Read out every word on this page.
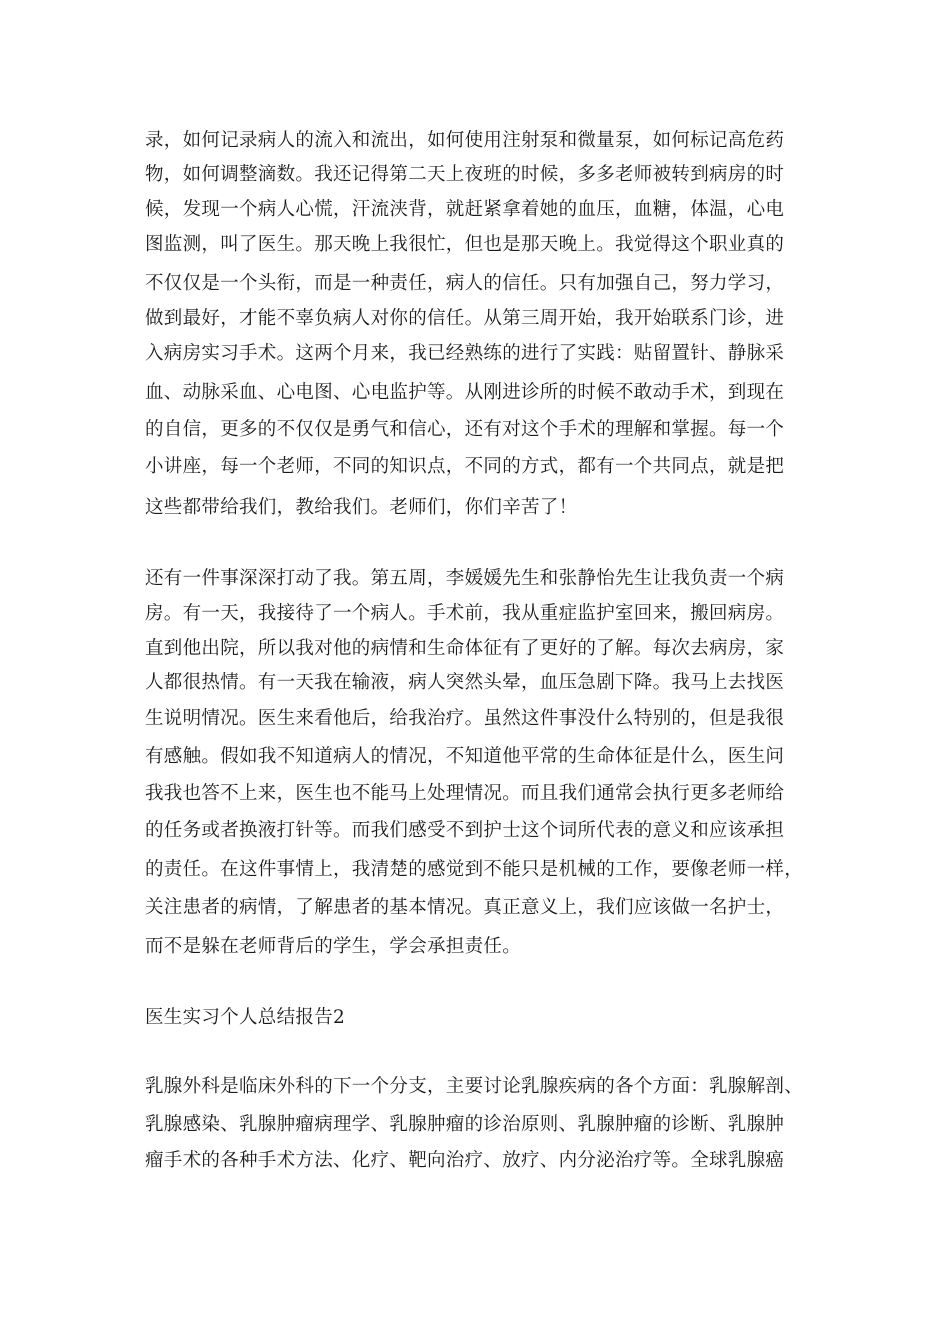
录，如何记录病人的流入和流出，如何使用注射泵和微量泵，如何标记高危药

物，如何调整滴数。我还记得第二天上夜班的时候，多多老师被转到病房的时

候，发现一个病人心慌，汗流浃背，就赶紧拿着她的血压，血糖，体温，心电

图监测，叫了医生。那天晚上我很忙，但也是那天晚上。我觉得这个职业真的

不仅仅是一个头衔，而是一种责任，病人的信任。只有加强自己，努力学习，

做到最好，才能不辜负病人对你的信任。从第三周开始，我开始联系门诊，进

入病房实习手术。这两个月来，我已经熟练的进行了实践：贴留置针、静脉采

血、动脉采血、心电图、心电监护等。从刚进诊所的时候不敢动手术，到现在

的自信，更多的不仅仅是勇气和信心，还有对这个手术的理解和掌握。每一个

小讲座，每一个老师，不同的知识点，不同的方式，都有一个共同点，就是把

这些都带给我们，教给我们。老师们，你们辛苦了！

还有一件事深深打动了我。第五周，李媛媛先生和张静怡先生让我负责一个病

房。有一天，我接待了一个病人。手术前，我从重症监护室回来，搬回病房。

直到他出院，所以我对他的病情和生命体征有了更好的了解。每次去病房，家

人都很热情。有一天我在输液，病人突然头晕，血压急剧下降。我马上去找医

生说明情况。医生来看他后，给我治疗。虽然这件事没什么特别的，但是我很

有感触。假如我不知道病人的情况，不知道他平常的生命体征是什么，医生问

我我也答不上来，医生也不能马上处理情况。而且我们通常会执行更多老师给

的任务或者换液打针等。而我们感受不到护士这个词所代表的意义和应该承担

的责任。在这件事情上，我清楚的感觉到不能只是机械的工作，要像老师一样，

关注患者的病情，了解患者的基本情况。真正意义上，我们应该做一名护士，

而不是躲在老师背后的学生，学会承担责任。

医生实习个人总结报告2

乳腺外科是临床外科的下一个分支，主要讨论乳腺疾病的各个方面：乳腺解剖、

乳腺感染、乳腺肿瘤病理学、乳腺肿瘤的诊治原则、乳腺肿瘤的诊断、乳腺肿

瘤手术的各种手术方法、化疗、靶向治疗、放疗、内分泌治疗等。全球乳腺癌
